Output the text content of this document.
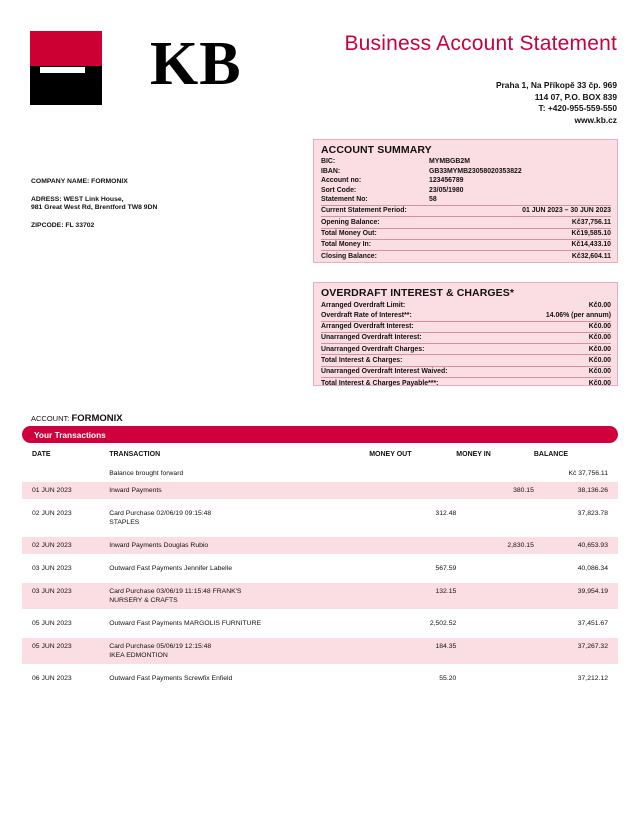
KB	Business Account Statement
Praha 1, Na Příkopě 33 čp. 969
114 07, P.O. BOX 839
T: +420-955-559-550
www.kb.cz
COMPANY NAME: FORMONIX
ADRESS: WEST Link House,
981 Great West Rd, Brentford TW8 9DN
ZIPCODE: FL 33702
ACCOUNT SUMMARY
BIC:	MYMBGB2M
IBAN:	GB33MYMB23058020353822
Account no:	123456789
Sort Code:	23/05/1980
Statement No:	58
Current Statement Period:	01 JUN 2023 – 30 JUN 2023
Opening Balance:	Kč37,756.11
Total Money Out:	Kč19,585.10
Total Money In:	Kč14,433.10
Closing Balance:	Kč32,604.11
OVERDRAFT INTEREST & CHARGES*
Arranged Overdraft Limit:	Kč0.00
Overdraft Rate of Interest**:	14.06% (per annum)
Arranged Overdraft Interest:	Kč0.00
Unarranged Overdraft Interest:	Kč0.00
Unarranged Overdraft Charges:	Kč0.00
Total Interest & Charges:	Kč0.00
Unarranged Overdraft Interest Waived:	Kč0.00
Total Interest & Charges Payable***:	Kč0.00
ACCOUNT: FORMONIX
Your Transactions
DATE	TRANSACTION	MONEY OUT	MONEY IN	BALANCE
	Balance brought forward			Kč 37,756.11
01 JUN 2023	Inward Payments		380.15	38,136.26

02 JUN 2023	Card Purchase 02/06/19 09:15:48
STAPLES	312.48		37,823.78

02 JUN 2023	Inward Payments Douglas Rubio		2,830.15	40,653.93

03 JUN 2023	Outward Fast Payments Jennifer Labelle	567.59		40,086.34

03 JUN 2023	Card Purchase 03/06/19 11:15:48 FRANK'S
NURSERY & CRAFTS	132.15		39,954.19

05 JUN 2023	Outward Fast Payments MARGOLIS FURNITURE	2,502.52		37,451.67

05 JUN 2023	Card Purchase 05/06/19 12:15:48
IKEA EDMONTION	184.35		37,267.32

06 JUN 2023	Outward Fast Payments Screwfix Enfield	55.20		37,212.12
